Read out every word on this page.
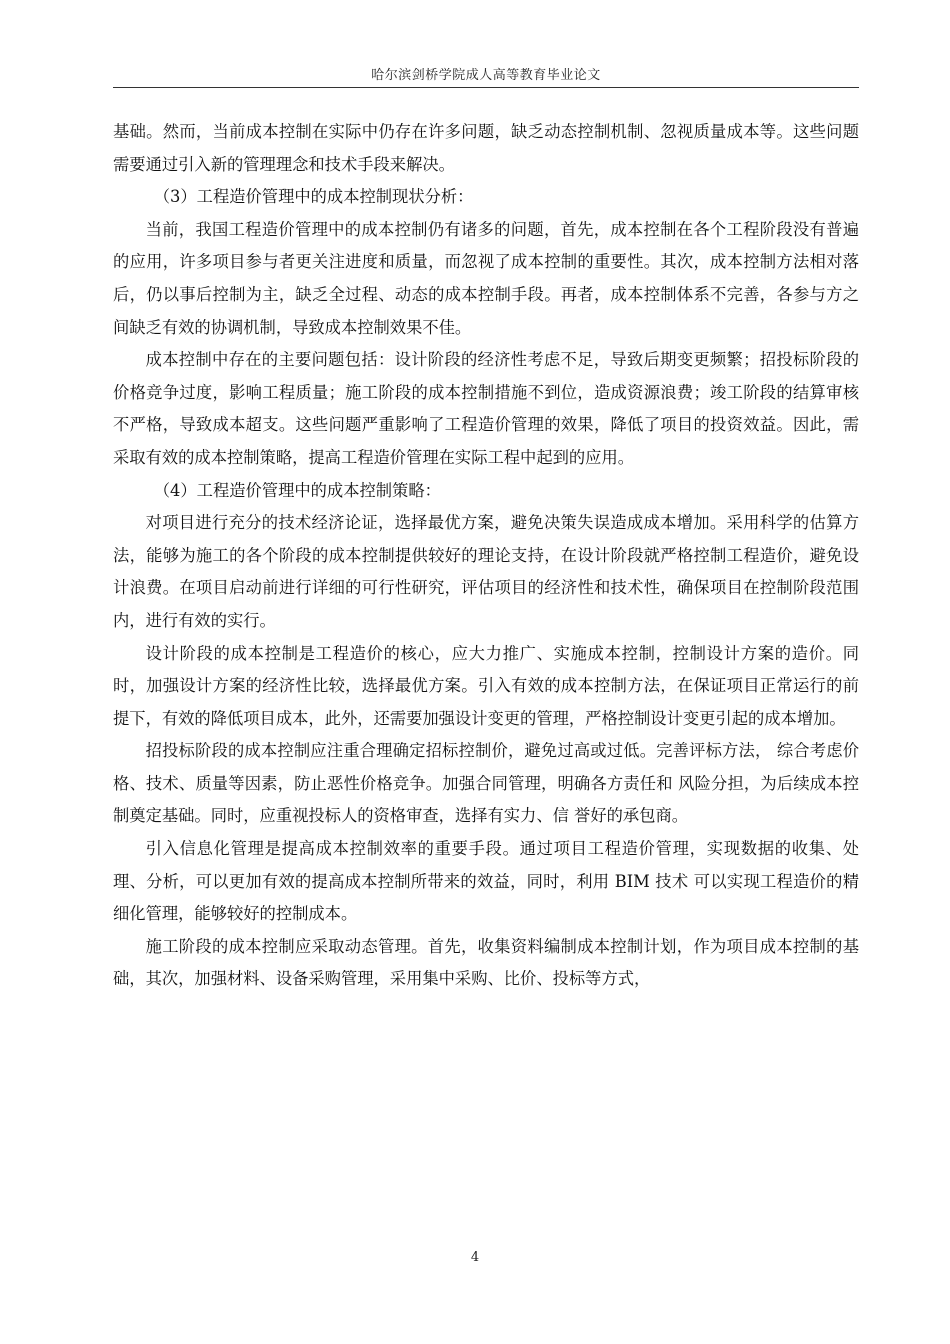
哈尔滨剑桥学院成人高等教育毕业论文

基础。然而，当前成本控制在实际中仍存在许多问题，缺乏动态控制机制、忽视质量成本等。这些问题需要通过引入新的管理理念和技术手段来解决。

（3）工程造价管理中的成本控制现状分析：

当前，我国工程造价管理中的成本控制仍有诸多的问题，首先，成本控制在各个工程阶段没有普遍的应用，许多项目参与者更关注进度和质量，而忽视了成本控制的重要性。其次，成本控制方法相对落后，仍以事后控制为主，缺乏全过程、动态的成本控制手段。再者，成本控制体系不完善，各参与方之间缺乏有效的协调机制，导致成本控制效果不佳。

成本控制中存在的主要问题包括：设计阶段的经济性考虑不足，导致后期变更频繁；招投标阶段的价格竞争过度，影响工程质量；施工阶段的成本控制措施不到位，造成资源浪费；竣工阶段的结算审核不严格，导致成本超支。这些问题严重影响了工程造价管理的效果，降低了项目的投资效益。因此，需采取有效的成本控制策略，提高工程造价管理在实际工程中起到的应用。

（4）工程造价管理中的成本控制策略：

对项目进行充分的技术经济论证，选择最优方案，避免决策失误造成成本增加。采用科学的估算方法，能够为施工的各个阶段的成本控制提供较好的理论支持，在设计阶段就严格控制工程造价，避免设计浪费。在项目启动前进行详细的可行性研究，评估项目的经济性和技术性，确保项目在控制阶段范围内，进行有效的实行。

设计阶段的成本控制是工程造价的核心，应大力推广、实施成本控制，控制设计方案的造价。同时，加强设计方案的经济性比较，选择最优方案。引入有效的成本控制方法，在保证项目正常运行的前提下，有效的降低项目成本，此外，还需要加强设计变更的管理，严格控制设计变更引起的成本增加。

招投标阶段的成本控制应注重合理确定招标控制价，避免过高或过低。完善评标方法， 综合考虑价格、技术、质量等因素，防止恶性价格竞争。加强合同管理，明确各方责任和 风险分担，为后续成本控制奠定基础。同时，应重视投标人的资格审查，选择有实力、信 誉好的承包商。

引入信息化管理是提高成本控制效率的重要手段。通过项目工程造价管理，实现数据的收集、处理、分析，可以更加有效的提高成本控制所带来的效益，同时，利用 BIM 技术 可以实现工程造价的精细化管理，能够较好的控制成本。

施工阶段的成本控制应采取动态管理。首先，收集资料编制成本控制计划，作为项目成本控制的基础，其次，加强材料、设备采购管理，采用集中采购、比价、投标等方式，

4
